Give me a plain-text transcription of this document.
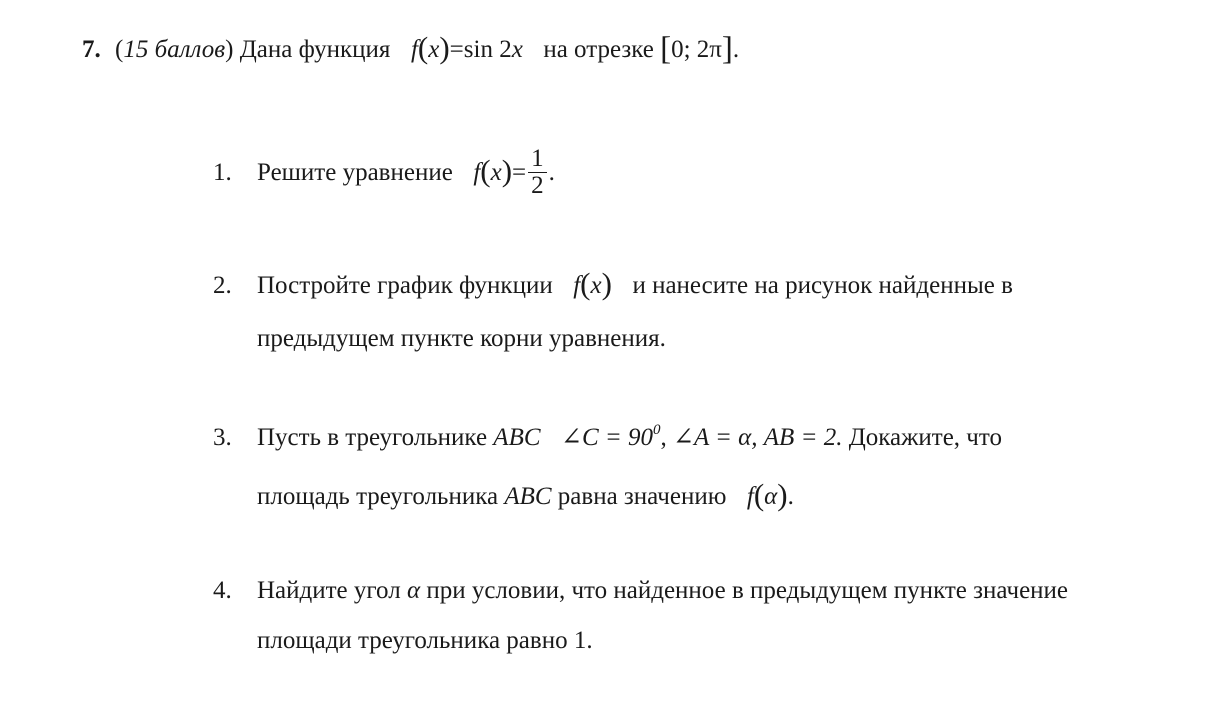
7. (15 баллов) Дана функция f(x)=sin 2x на отрезке [0; 2π].
1. Решите уравнение $f(x)= \frac{1}{2}$ .
2. Постройте график функции f(x) и нанесите на рисунок найденные в
предыдущем пункте корни уравнения.
3. Пусть в треугольнике ABC ∠C = $90^0$, ∠A = α, AB = 2. Докажите, что
площадь треугольника ABC равна значению f(α).
4. Найдите угол α при условии, что найденное в предыдущем пункте значение
площади треугольника равно 1.
